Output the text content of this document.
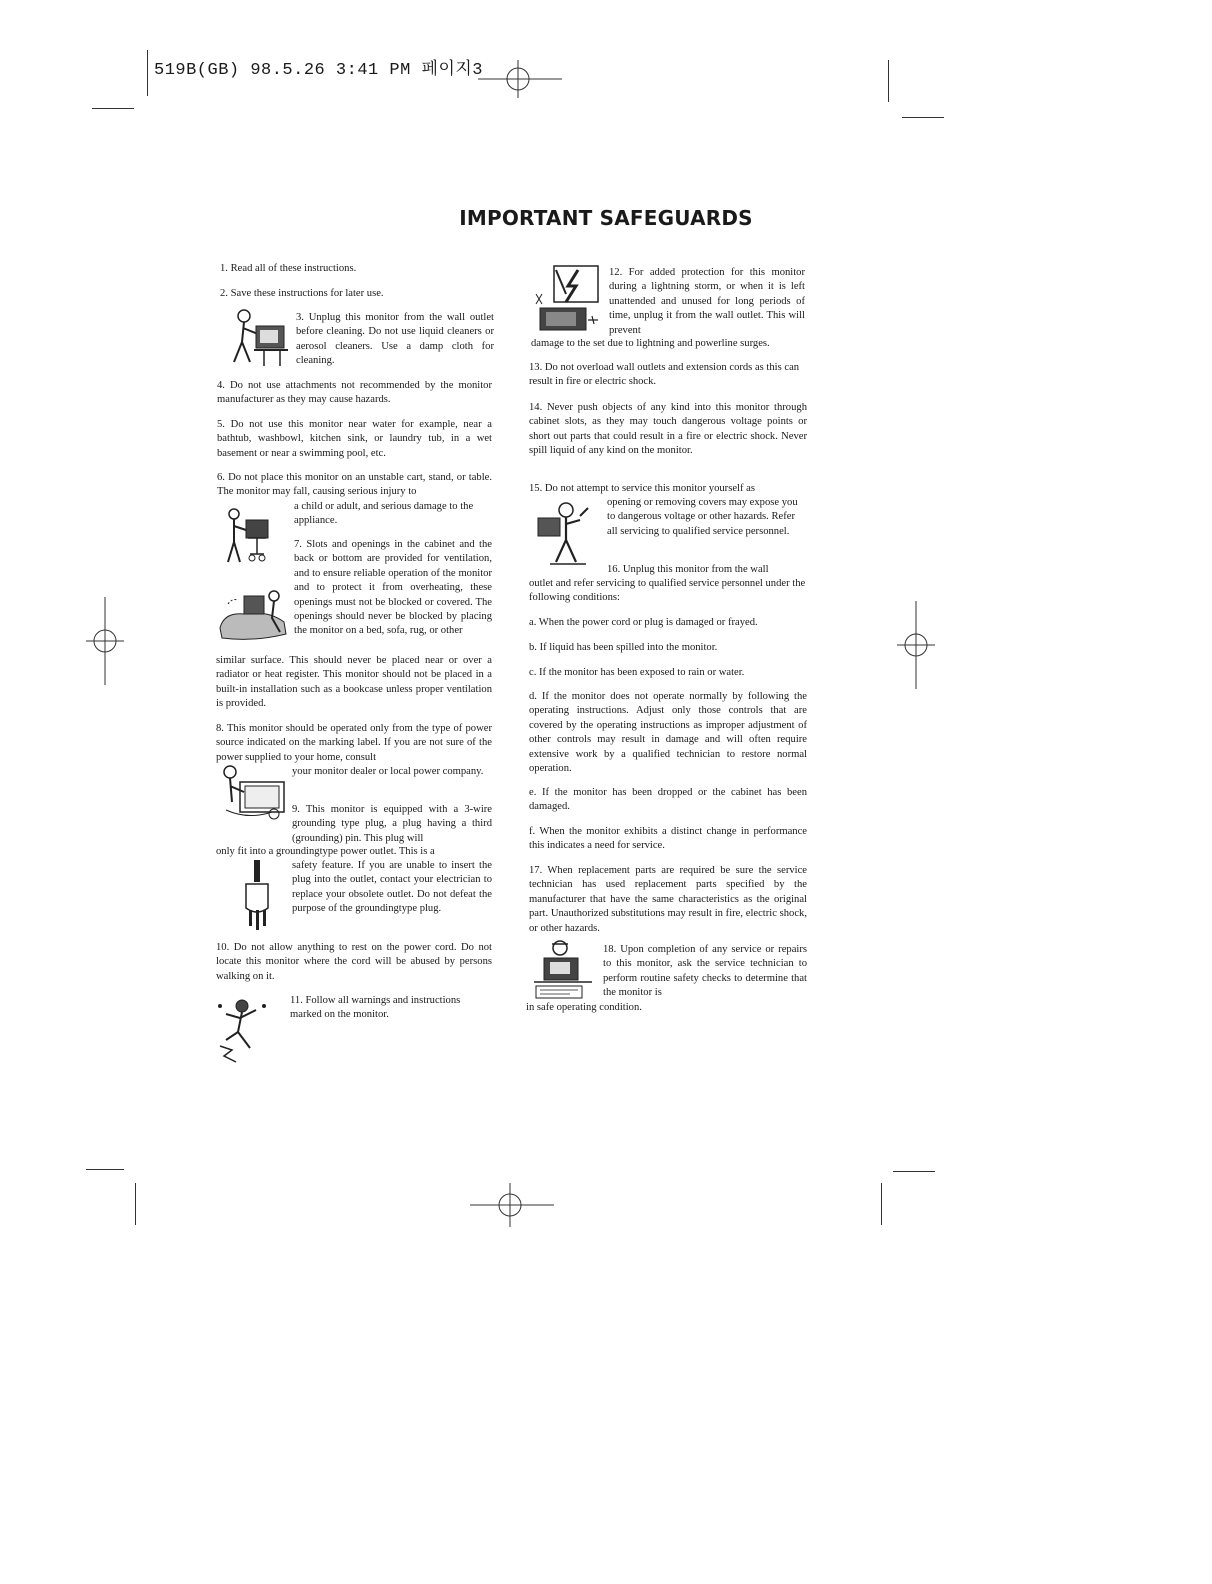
519B(GB) 98.5.26 3:41 PM 페이지3
IMPORTANT SAFEGUARDS

1. Read all of these instructions.

2. Save these instructions for later use.

3. Unplug this monitor from the wall outlet before cleaning. Do not use liquid cleaners or aerosol cleaners. Use a damp cloth for cleaning.

4. Do not use attachments not recommended by the monitor manufacturer as they may cause hazards.

5. Do not use this monitor near water for example, near a bathtub, washbowl, kitchen sink, or laundry tub, in a wet basement or near a swimming pool, etc.

6. Do not place this monitor on an unstable cart, stand, or table. The monitor may fall, causing serious injury to

a child or adult, and serious damage to the appliance.

7. Slots and openings in the cabinet and the back or bottom are provided for ventilation, and to ensure reliable operation of the monitor and to protect it from overheating, these openings must not be blocked or covered. The openings should never be blocked by placing the monitor on a bed, sofa, rug, or other

similar surface. This should never be placed near or over a radiator or heat register. This monitor should not be placed in a built-in installation such as a bookcase unless proper ventilation is provided.

8. This monitor should be operated only from the type of power source indicated on the marking label. If you are not sure of the power supplied to your home, consult

your monitor dealer or local power company.

9. This monitor is equipped with a 3-wire grounding type plug, a plug having a third (grounding) pin. This plug will

only fit into a groundingtype power outlet. This is a

safety feature. If you are unable to insert the plug into the outlet, contact your electrician to replace your obsolete outlet. Do not defeat the purpose of the groundingtype plug.

10. Do not allow anything to rest on the power cord. Do not locate this monitor where the cord will be abused by persons walking on it.

11. Follow all warnings and instructions marked on the monitor.

12. For added protection for this monitor during a lightning storm, or when it is left unattended and unused for long periods of time, unplug it from the wall outlet. This will prevent

damage to the set due to lightning and powerline surges.

13. Do not overload wall outlets and extension cords as this can result in fire or electric shock.

14. Never push objects of any kind into this monitor through cabinet slots, as they may touch dangerous voltage points or short out parts that could result in a fire or electric shock. Never spill liquid of any kind on the monitor.

15. Do not attempt to service this monitor yourself as

opening or removing covers may expose you to dangerous voltage or other hazards. Refer all servicing to qualified service personnel.

16. Unplug this monitor from the wall

outlet and refer servicing to qualified service personnel under the following conditions:

a. When the power cord or plug is damaged or frayed.

b. If liquid has been spilled into the monitor.

c. If the monitor has been exposed to rain or water.

d. If the monitor does not operate normally by following the operating instructions. Adjust only those controls that are covered by the operating instructions as improper adjustment of other controls may result in damage and will often require extensive work by a qualified technician to restore normal operation.

e. If the monitor has been dropped or the cabinet has been damaged.

f. When the monitor exhibits a distinct change in performance this indicates a need for service.

17. When replacement parts are required be sure the service technician has used replacement parts specified by the manufacturer that have the same characteristics as the original part. Unauthorized substitutions may result in fire, electric shock, or other hazards.

18. Upon completion of any service or repairs to this monitor, ask the service technician to perform routine safety checks to determine that the monitor is

in safe operating condition.
